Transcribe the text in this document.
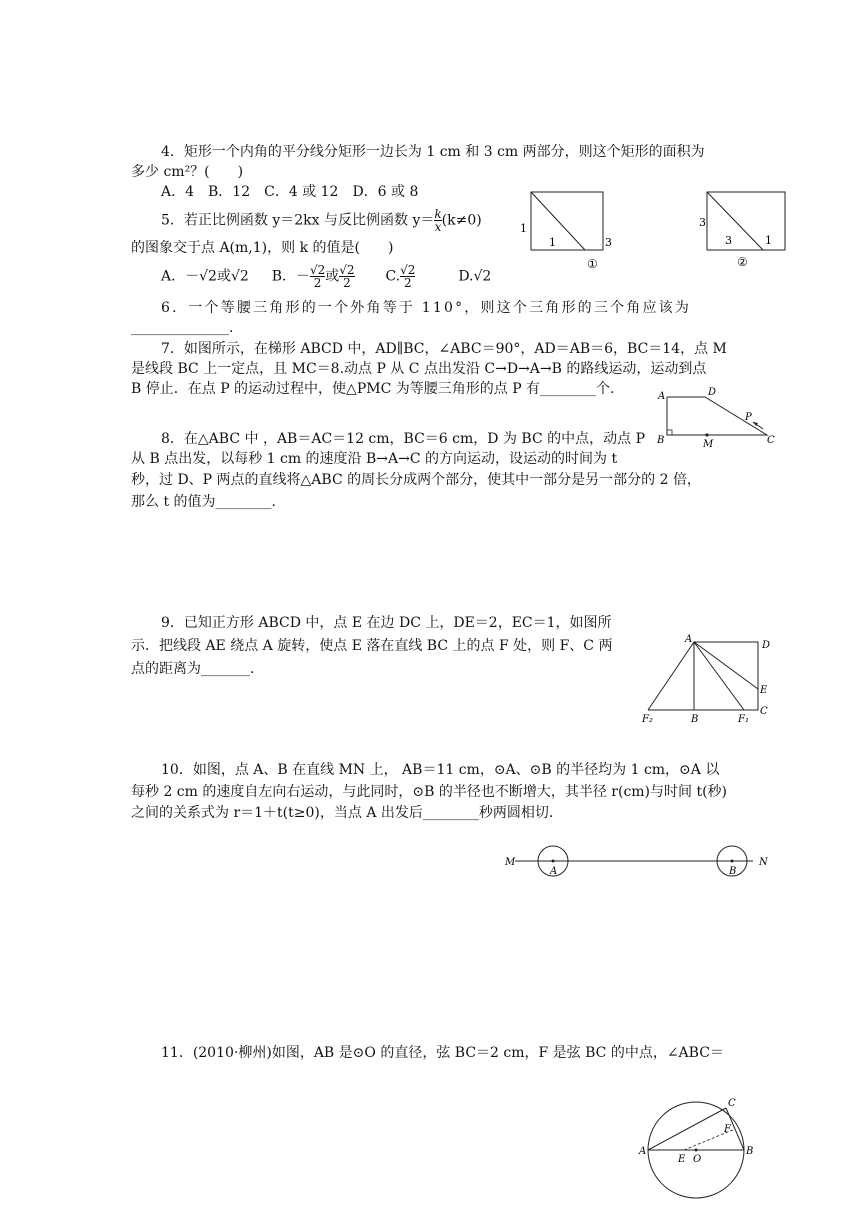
4．矩形一个内角的平分线分矩形一边长为 1 cm 和 3 cm 两部分，则这个矩形的面积为
多少 cm²？(　　)
A．4　B．12　C．4 或 12　D．6 或 8
1
1	3
①
3
3	1
②
5．若正比例函数 y＝2kx 与反比例函数 $y= \frac{k}{x} (k\ne 0)$
的图象交于点 A(m,1)，则 k 的值是(　　)
A．－√2或√2 B．－ $\frac{√2}{2}$ 或 $\frac{√2}{2} C$. $\frac{√2}{2}$	D.√2
6．一个等腰三角形的一个外角等于 110°，则这个三角形的三个角应该为
______________.
7．如图所示，在梯形 ABCD 中，AD∥BC，∠ABC＝90°，AD＝AB＝6，BC＝14，点 M
是线段 BC 上一定点，且 MC＝8.动点 P 从 C 点出发沿 C→D→A→B 的路线运动，运动到点
B 停止．在点 P 的运动过程中，使△PMC 为等腰三角形的点 P 有________个.	A	D
B	M	C
P
8．在△ABC 中 ，AB＝AC＝12 cm，BC＝6 cm，D 为 BC 的中点，动点 P
从 B 点出发，以每秒 1 cm 的速度沿 B→A→C 的方向运动，设运动的时间为 t
秒，过 D、P 两点的直线将△ABC 的周长分成两个部分，使其中一部分是另一部分的 2 倍，
那么 t 的值为________.
9．已知正方形 ABCD 中，点 E 在边 DC 上，DE＝2，EC＝1，如图所
示．把线段 AE 绕点 A 旋转，使点 E 落在直线 BC 上的点 F 处，则 F、C 两
点的距离为_______.
A
D
E
C
B	F₁
F₂
10．如图，点 A、B 在直线 MN 上， AB＝11 cm，⊙A、⊙B 的半径均为 1 cm，⊙A 以
每秒 2 cm 的速度自左向右运动，与此同时，⊙B 的半径也不断增大，其半径 r(cm)与时间 t(秒)
之间的关系式为 r＝1＋t(t≥0)，当点 A 出发后________秒两圆相切.
M	N
A	B
11．(2010·柳州)如图，AB 是⊙O 的直径，弦 BC＝2 cm，F 是弦 BC 的中点，∠ABC＝
A	B
C
F
E O
